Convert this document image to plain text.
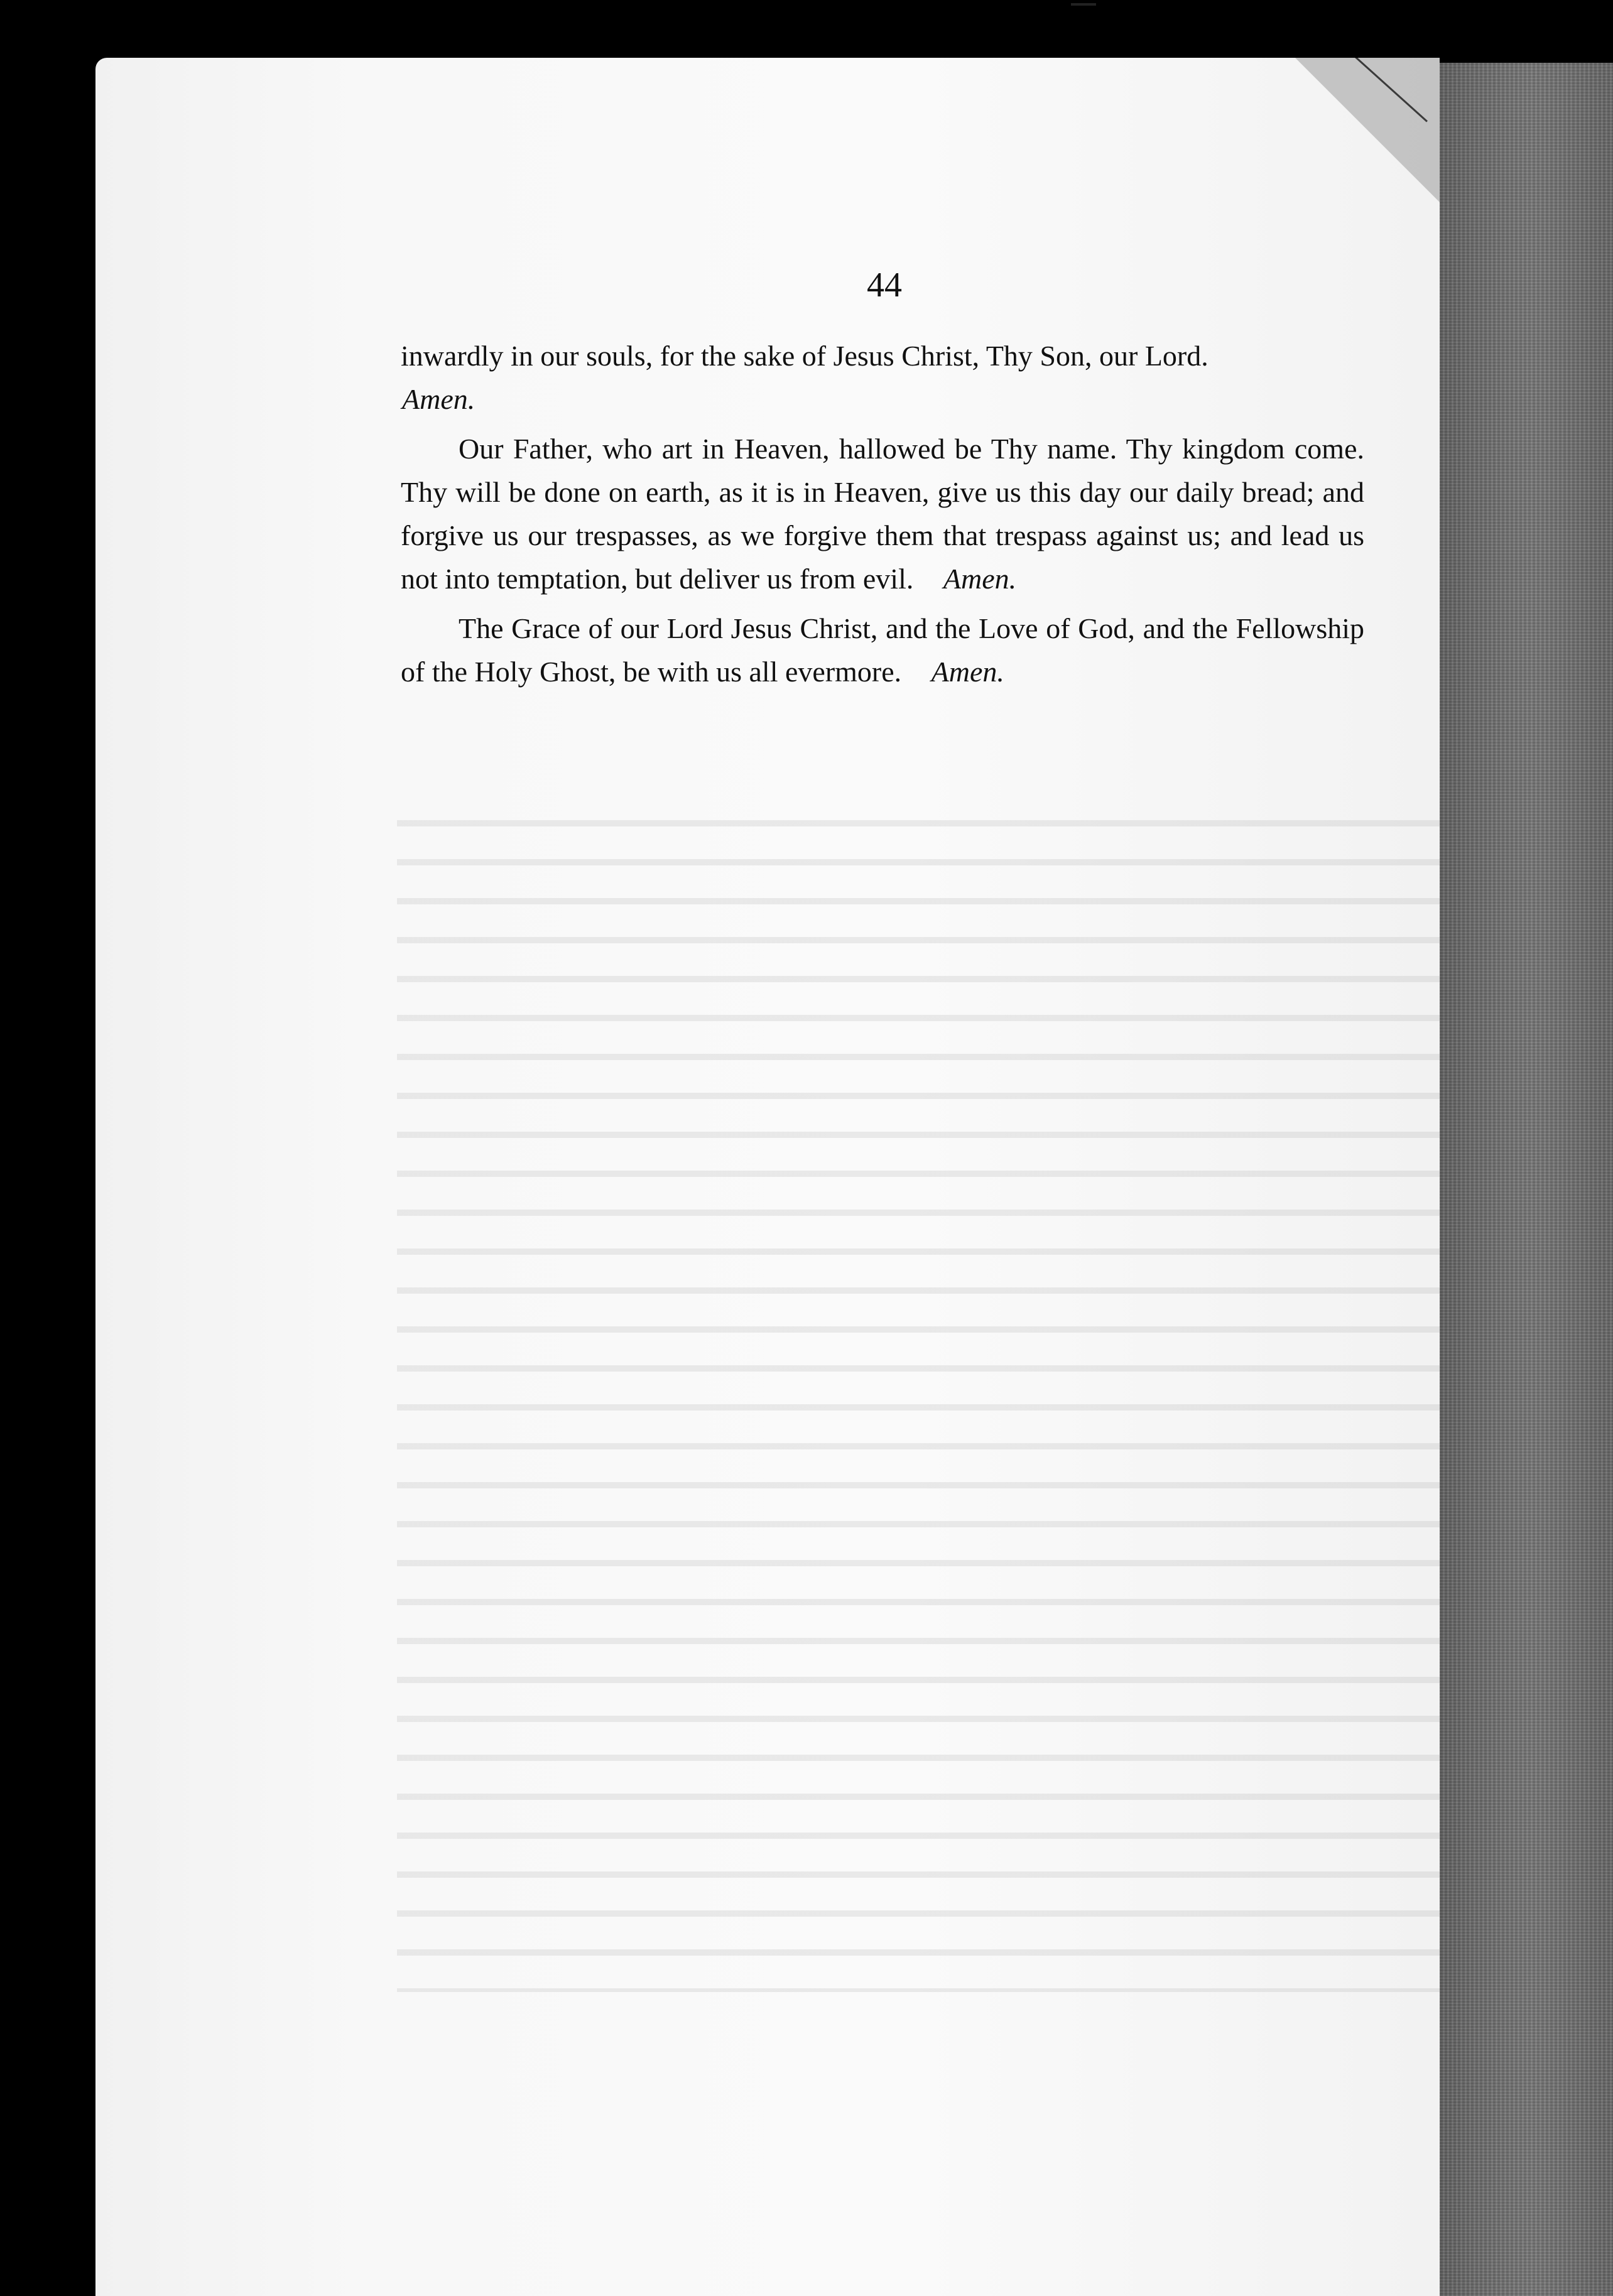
44

inwardly in our souls, for the sake of Jesus Christ, Thy Son, our Lord.
Amen.

Our Father, who art in Heaven, hallowed be Thy name. Thy kingdom come. Thy will be done on earth, as it is in Heaven, give us this day our daily bread; and forgive us our trespasses, as we forgive them that trespass against us; and lead us not into temptation, but deliver us from evil. Amen.

The Grace of our Lord Jesus Christ, and the Love of God, and the Fellowship of the Holy Ghost, be with us all evermore. Amen.
